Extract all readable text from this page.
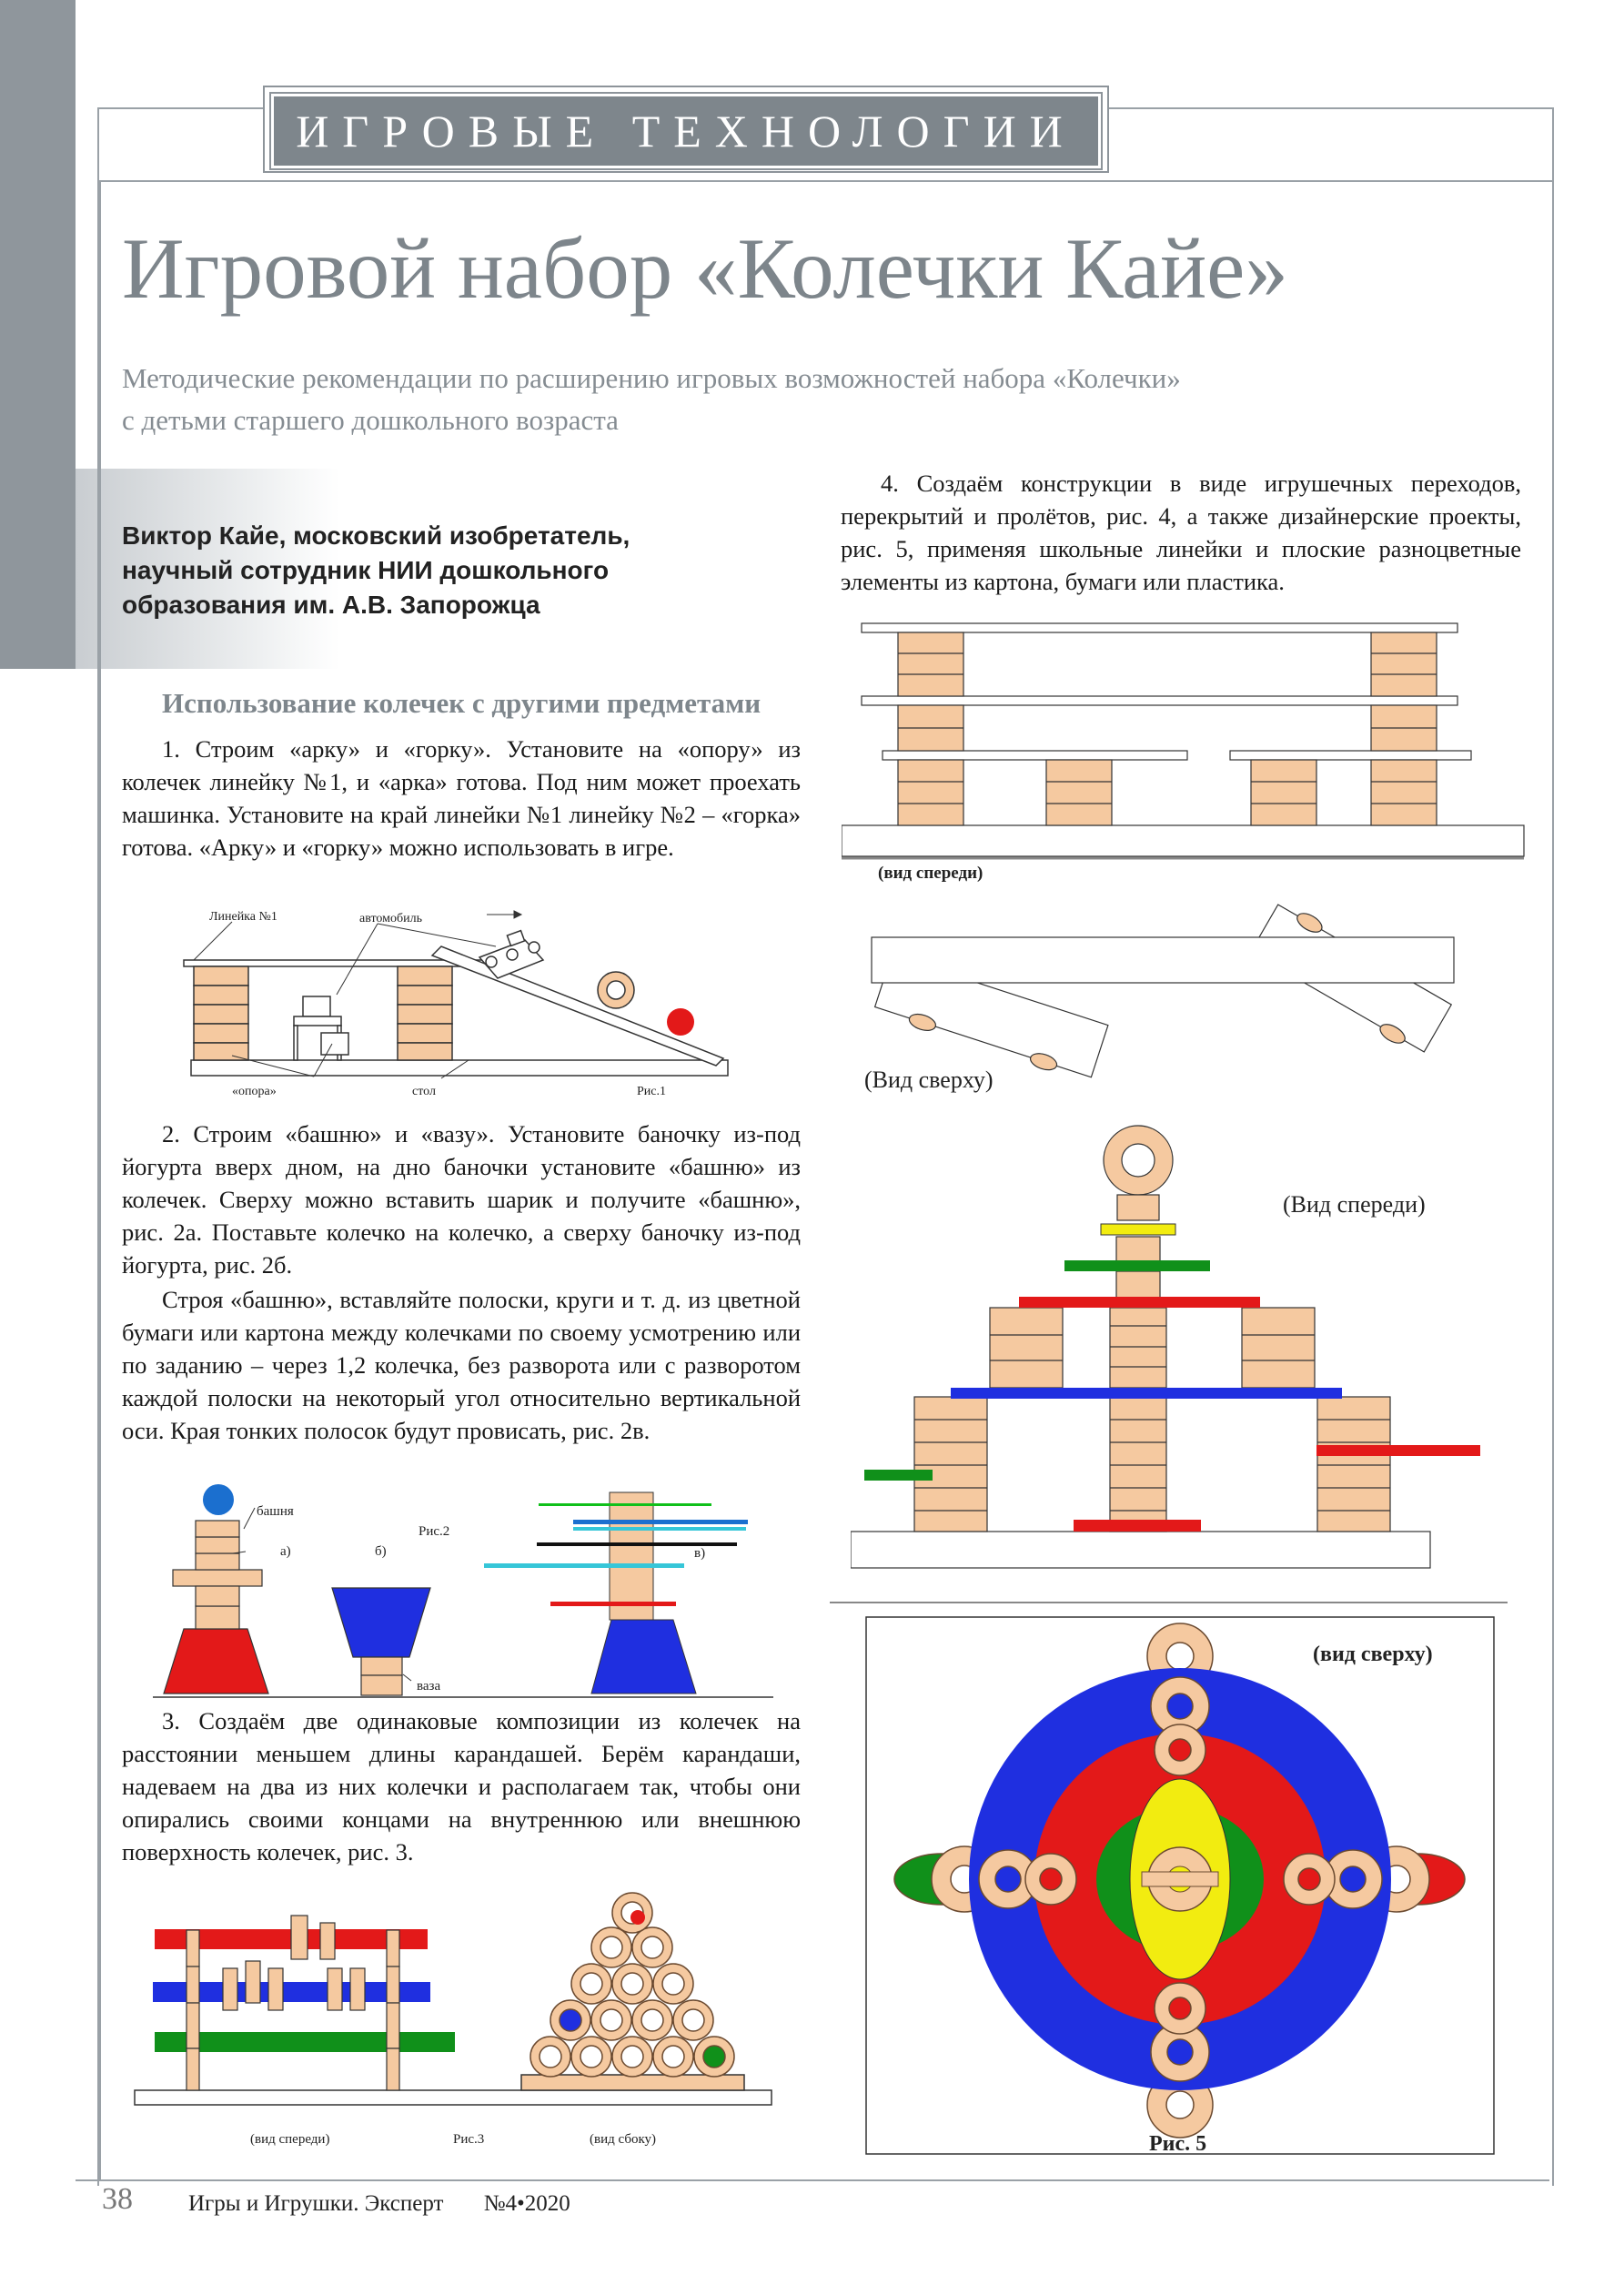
ИГРОВЫЕ ТЕХНОЛОГИИ
Игровой набор «Колечки Кайе»
Методические рекомендации по расширению игровых возможностей набора «Колечки»
с детьми старшего дошкольного возраста
Виктор Кайе, московский изобретатель,
научный сотрудник НИИ дошкольного
образования им. А.В. Запорожца
Использование колечек с другими предметами
1. Строим «арку» и «горку». Установите на «опору» из колечек линейку №1, и «арка» готова. Под ним может проехать машинка. Установите на край линейки №1 линейку №2 – «горка» готова. «Арку» и «горку» можно использовать в игре.
2. Строим «башню» и «вазу». Установите баночку из-под йогурта вверх дном, на дно баночки установите «башню» из колечек. Сверху можно вставить шарик и получите «башню», рис. 2а. Поставьте колечко на колечко, а сверху баночку из-под йогурта, рис. 2б.
Строя «башню», вставляйте полоски, круги и т. д. из цветной бумаги или картона между колечками по своему усмотрению или по заданию – через 1,2 колечка, без разворота или с разворотом каждой полоски на некоторый угол относительно вертикальной оси. Края тонких полосок будут провисать, рис. 2в.
3. Создаём две одинаковые композиции из колечек на расстоянии меньшем длины карандашей. Берём карандаши, надеваем на два из них колечки и располагаем так, чтобы они опирались своими концами на внутреннюю или внешнюю поверхность колечек, рис. 3.
4. Создаём конструкции в виде игрушечных переходов, перекрытий и пролётов, рис. 4, а также дизайнерские проекты, рис. 5, применяя школьные линейки и плоские разноцветные элементы из картона, бумаги или пластика.
Линейка №1	автомобиль
«опора»	стол	Рис.1
башня
а)	б)
Рис.2
ваза
в)
(вид спереди)	Рис.3	(вид сбоку)
(вид спереди)
(Вид сверху)
(Вид спереди)
(вид сверху)
Рис. 5
38 Игры и Игрушки. Эксперт №4•2020
